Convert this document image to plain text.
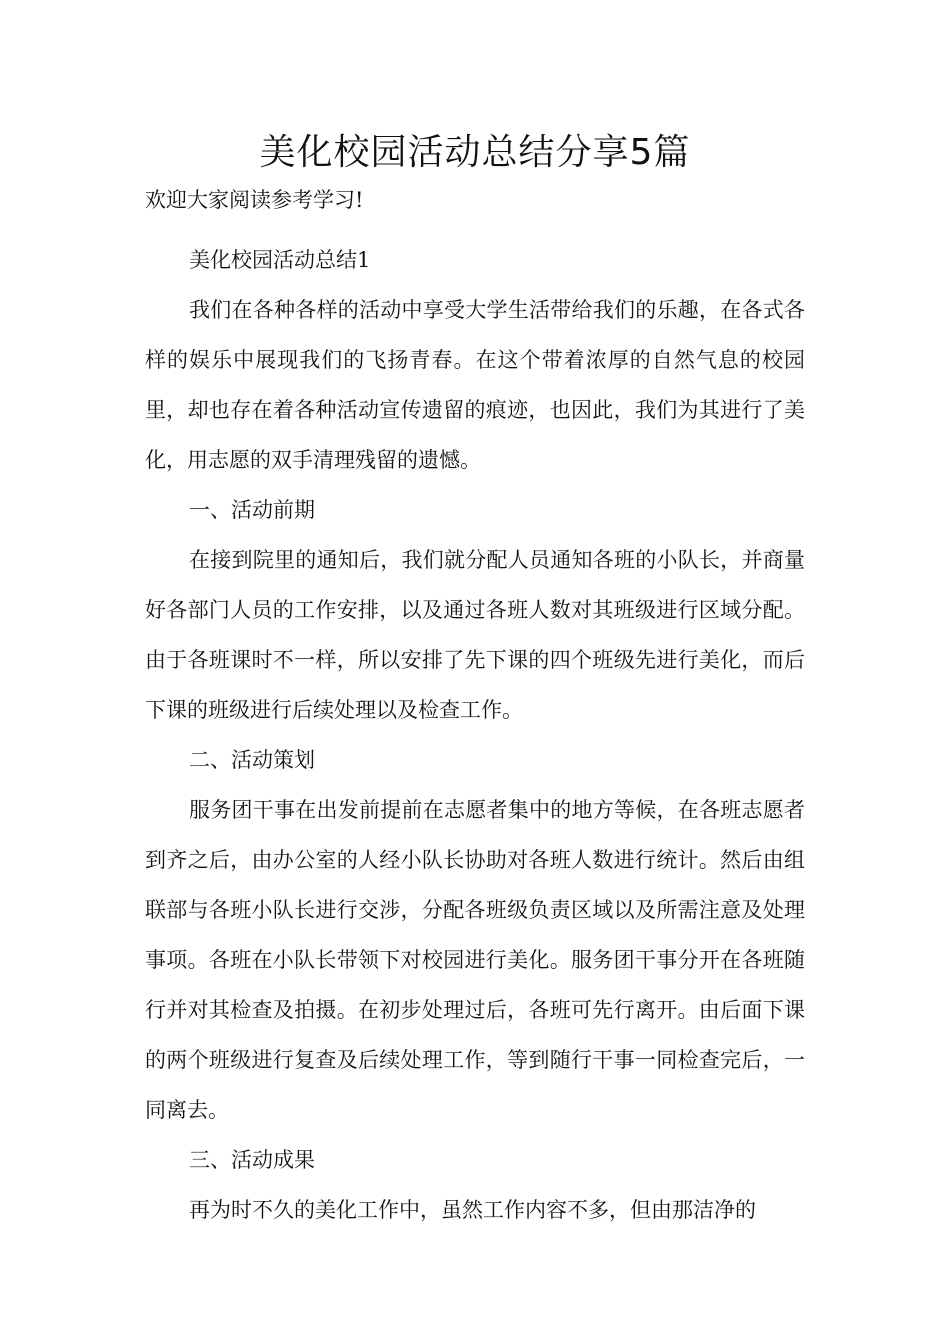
美化校园活动总结分享5篇

欢迎大家阅读参考学习!

美化校园活动总结1

我们在各种各样的活动中享受大学生活带给我们的乐趣，在各式各样的娱乐中展现我们的飞扬青春。在这个带着浓厚的自然气息的校园里，却也存在着各种活动宣传遗留的痕迹，也因此，我们为其进行了美化，用志愿的双手清理残留的遗憾。

一、活动前期

在接到院里的通知后，我们就分配人员通知各班的小队长，并商量好各部门人员的工作安排，以及通过各班人数对其班级进行区域分配。由于各班课时不一样，所以安排了先下课的四个班级先进行美化，而后下课的班级进行后续处理以及检查工作。

二、活动策划

服务团干事在出发前提前在志愿者集中的地方等候，在各班志愿者到齐之后，由办公室的人经小队长协助对各班人数进行统计。然后由组联部与各班小队长进行交涉，分配各班级负责区域以及所需注意及处理事项。各班在小队长带领下对校园进行美化。服务团干事分开在各班随行并对其检查及拍摄。在初步处理过后，各班可先行离开。由后面下课的两个班级进行复查及后续处理工作，等到随行干事一同检查完后，一同离去。

三、活动成果

再为时不久的美化工作中，虽然工作内容不多，但由那洁净的
